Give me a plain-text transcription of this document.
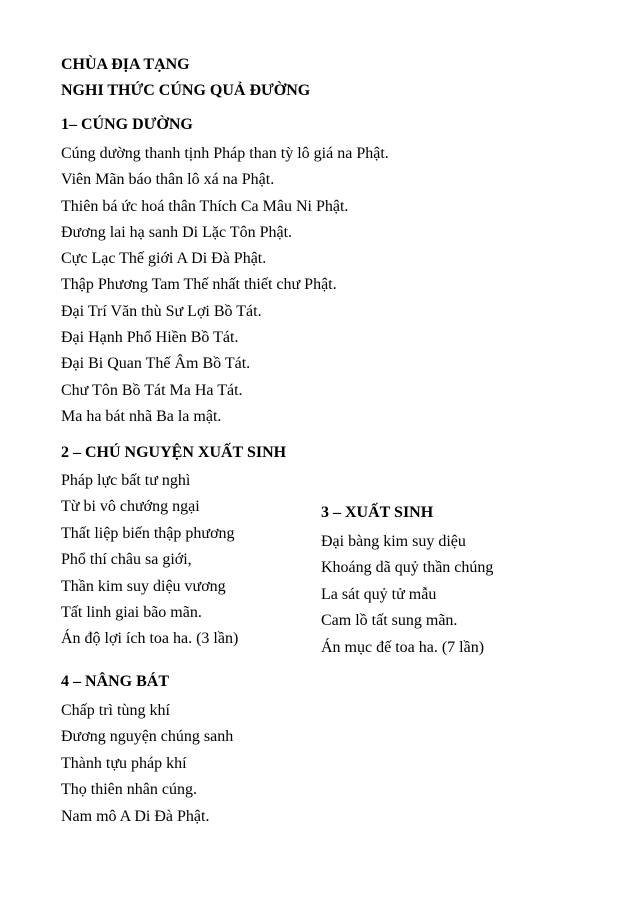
CHÙA ĐỊA TẠNG
NGHI THỨC CÚNG QUẢ ĐƯỜNG
1– CÚNG DƯỜNG
Cúng dường thanh tịnh Pháp than tỳ lô giá na Phật.
Viên Mãn báo thân lô xá na Phật.
Thiên bá ức hoá thân Thích Ca Mâu Ni Phật.
Đương lai hạ sanh Di Lặc Tôn Phật.
Cực Lạc Thế giới A Di Đà Phật.
Thập Phương Tam Thế nhất thiết chư Phật.
Đại Trí Văn thù Sư Lợi Bồ Tát.
Đại Hạnh Phổ Hiền Bồ Tát.
Đại Bi Quan Thế Âm Bồ Tát.
Chư Tôn Bồ Tát Ma Ha Tát.
Ma ha bát nhã Ba la mật.
2 – CHÚ NGUYỆN XUẤT SINH
Pháp lực bất tư nghì
Từ bi vô chướng ngại
Thất liệp biến thập phương
Phổ thí châu sa giới,
Thần kim suy diệu vương
Tất linh giai bão mãn.
Án độ lợi ích toa ha. (3 lần)
3 – XUẤT SINH
Đại bàng kim suy diệu
Khoáng dã quỷ thần chúng
La sát quỷ tử mẫu
Cam lồ tất sung mãn.
Án mục đế toa ha. (7 lần)
4 – NÂNG BÁT
Chấp trì tùng khí
Đương nguyện chúng sanh
Thành tựu pháp khí
Thọ thiên nhân cúng.
Nam mô A Di Đà Phật.
